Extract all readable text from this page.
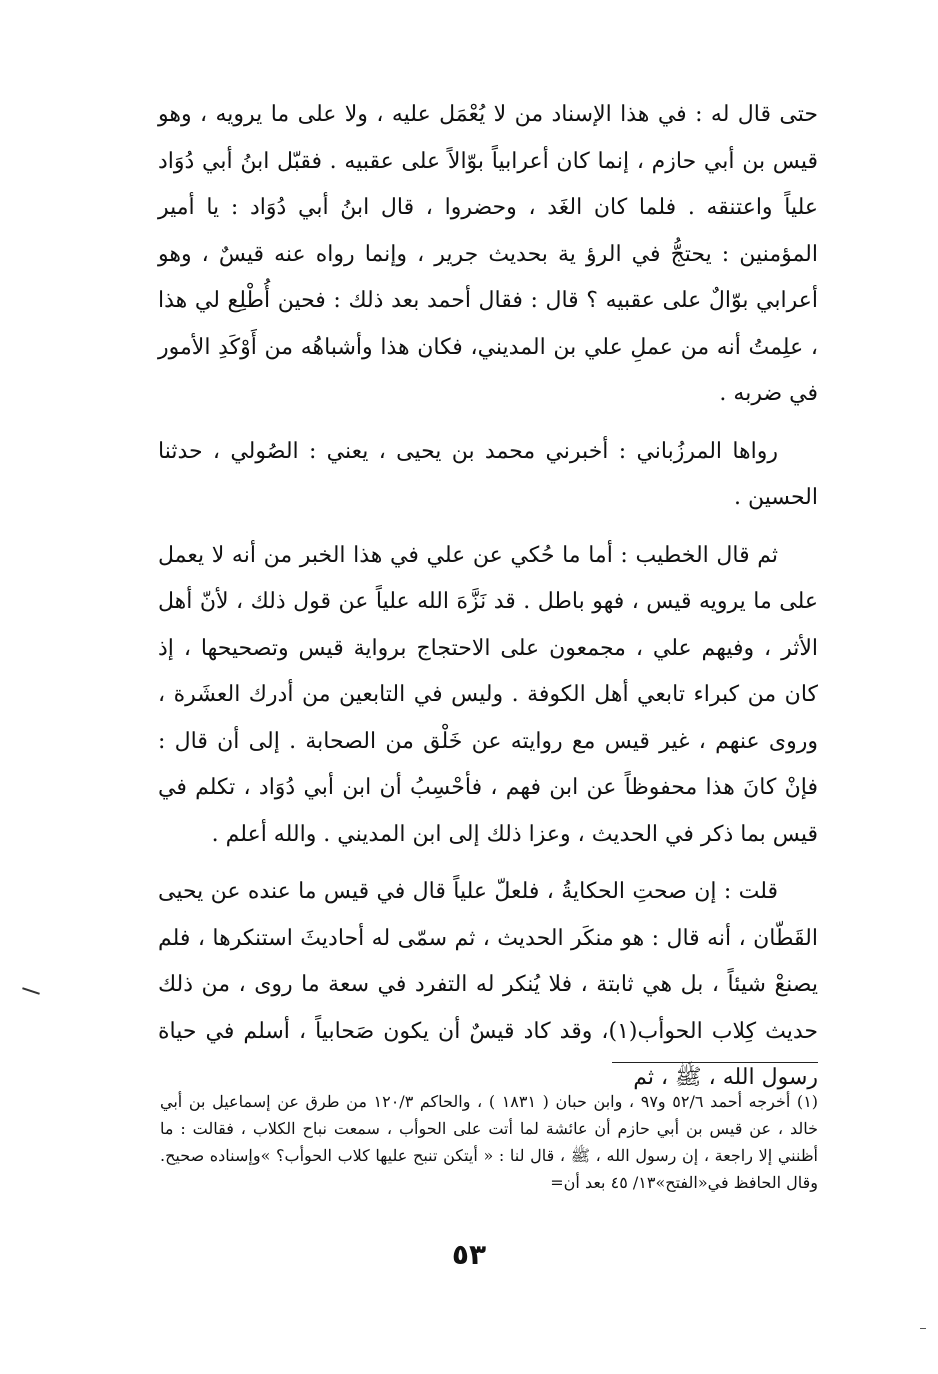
حتى قال له : في هذا الإسناد من لا يُعْمَل عليه ، ولا على ما يرويه ، وهو قيس بن أبي حازم ، إنما كان أعرابياً بوّالاً على عقبيه . فقبّل ابنُ أبي دُوَاد علياً واعتنقه . فلما كان الغَد ، وحضروا ، قال ابنُ أبي دُوَاد : يا أمير المؤمنين : يحتجُّ في الرؤ ية بحديث جرير ، وإنما رواه عنه قيسٌ ، وهو أعرابي بوّالٌ على عقبيه ؟ قال : فقال أحمد بعد ذلك : فحين أُطْلِع لي هذا ، علِمتُ أنه من عملِ علي بن المديني، فكان هذا وأشباهُه من أَوْكَدِ الأمور في ضربه .

رواها المرزُباني : أخبرني محمد بن يحيى ، يعني : الصُولي ، حدثنا الحسين .

ثم قال الخطيب : أما ما حُكي عن علي في هذا الخبر من أنه لا يعمل على ما يرويه قيس ، فهو باطل . قد نَزَّهَ الله علياً عن قول ذلك ، لأنّ أهل الأثر ، وفيهم علي ، مجمعون على الاحتجاج برواية قيس وتصحيحها ، إذ كان من كبراء تابعي أهل الكوفة . وليس في التابعين من أدرك العشَرة ، وروى عنهم ، غير قيس مع روايته عن خَلْق من الصحابة . إلى أن قال : فإنْ كانَ هذا محفوظاً عن ابن فهم ، فأحْسِبُ أن ابن أبي دُوَاد ، تكلم في قيس بما ذكر في الحديث ، وعزا ذلك إلى ابن المديني . والله أعلم .

قلت : إن صحتِ الحكايةُ ، فلعلّ علياً قال في قيس ما عنده عن يحيى القَطّان ، أنه قال : هو منكَر الحديث ، ثم سمّى له أحاديثَ استنكرها ، فلم يصنعْ شيئاً ، بل هي ثابتة ، فلا يُنكر له التفرد في سعة ما روى ، من ذلك حديث كِلاب الحوأب(١)، وقد كاد قيسٌ أن يكون صَحابياً ، أسلم في حياة رسول الله ، ﷺ ، ثم

(١) أخرجه أحمد ٥٢/٦ و٩٧ ، وابن حبان ( ١٨٣١ ) ، والحاكم ١٢٠/٣ من طرق عن إسماعيل بن أبي خالد ، عن قيس بن أبي حازم أن عائشة لما أتت على الحوأب ، سمعت نباح الكلاب ، فقالت : ما أظنني إلا راجعة ، إن رسول الله ، ﷺ ، قال لنا : « أيتكن تنبح عليها كلاب الحوأب؟ »وإسناده صحيح. وقال الحافظ في«الفتح»١٣/ ٤٥ بعد أن=
٥٣
